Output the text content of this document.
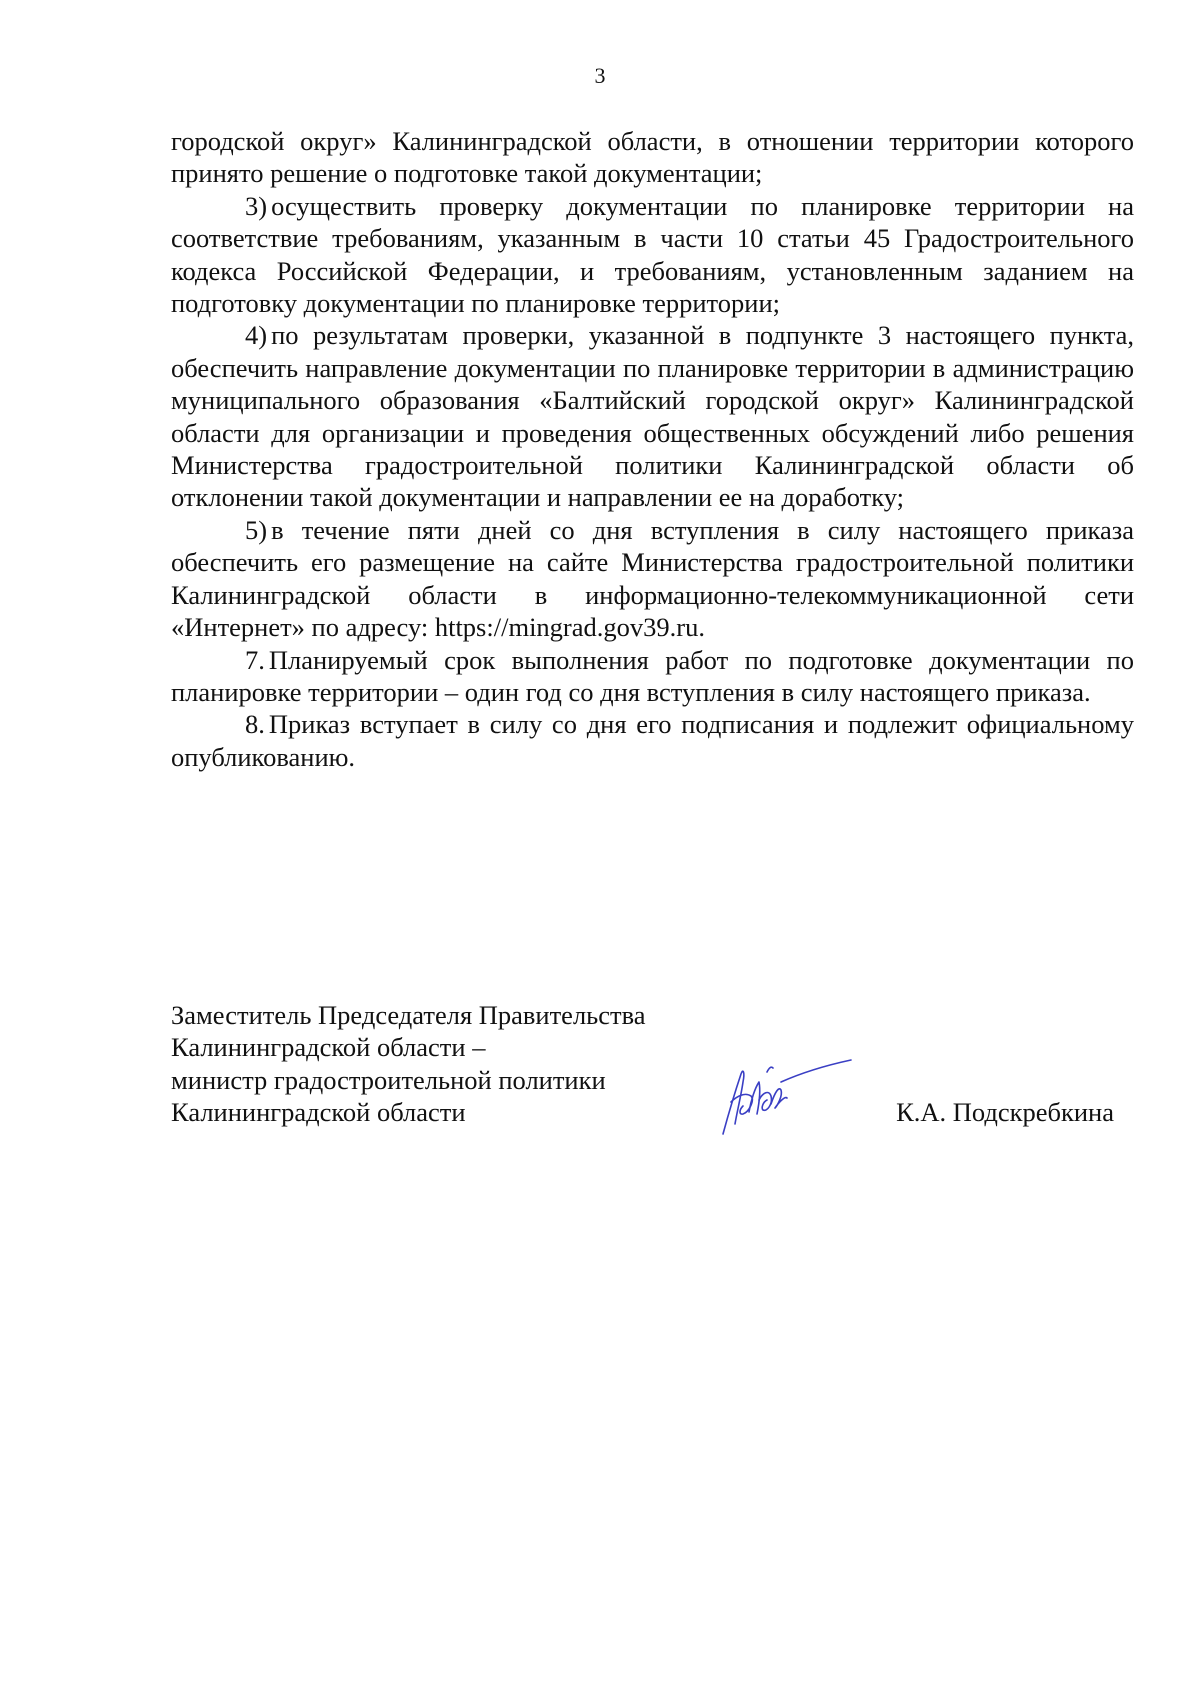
3

городской округ» Калининградской области, в отношении территории которого принято решение о подготовке такой документации;

3) осуществить проверку документации по планировке территории на соответствие требованиям, указанным в части 10 статьи 45 Градостроительного кодекса Российской Федерации, и требованиям, установленным заданием на подготовку документации по планировке территории;

4) по результатам проверки, указанной в подпункте 3 настоящего пункта, обеспечить направление документации по планировке территории в администрацию муниципального образования «Балтийский городской округ» Калининградской области для организации и проведения общественных обсуждений либо решения Министерства градостроительной политики Калининградской области об отклонении такой документации и направлении ее на доработку;

5) в течение пяти дней со дня вступления в силу настоящего приказа обеспечить его размещение на сайте Министерства градостроительной политики Калининградской области в информационно-телекоммуникационной сети «Интернет» по адресу: https://mingrad.gov39.ru.

7. Планируемый срок выполнения работ по подготовке документации по планировке территории – один год со дня вступления в силу настоящего приказа.

8. Приказ вступает в силу со дня его подписания и подлежит официальному опубликованию.

Заместитель Председателя Правительства
Калининградской области –
министр градостроительной политики
Калининградской области	К.А. Подскребкина
